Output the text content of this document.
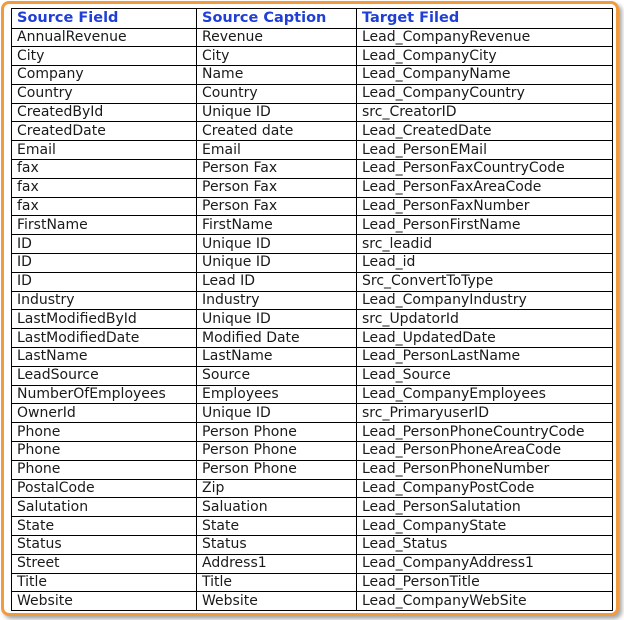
Source Field	Source Caption	Target Filed
AnnualRevenue	Revenue	Lead_CompanyRevenue
City	City	Lead_CompanyCity
Company	Name	Lead_CompanyName
Country	Country	Lead_CompanyCountry
CreatedById	Unique ID	src_CreatorID
CreatedDate	Created date	Lead_CreatedDate
Email	Email	Lead_PersonEMail
fax	Person Fax	Lead_PersonFaxCountryCode
fax	Person Fax	Lead_PersonFaxAreaCode
fax	Person Fax	Lead_PersonFaxNumber
FirstName	FirstName	Lead_PersonFirstName
ID	Unique ID	src_leadid
ID	Unique ID	Lead_id
ID	Lead ID	Src_ConvertToType
Industry	Industry	Lead_CompanyIndustry
LastModifiedById	Unique ID	src_UpdatorId
LastModifiedDate	Modified Date	Lead_UpdatedDate
LastName	LastName	Lead_PersonLastName
LeadSource	Source	Lead_Source
NumberOfEmployees	Employees	Lead_CompanyEmployees
OwnerId	Unique ID	src_PrimaryuserID
Phone	Person Phone	Lead_PersonPhoneCountryCode
Phone	Person Phone	Lead_PersonPhoneAreaCode
Phone	Person Phone	Lead_PersonPhoneNumber
PostalCode	Zip	Lead_CompanyPostCode
Salutation	Saluation	Lead_PersonSalutation
State	State	Lead_CompanyState
Status	Status	Lead_Status
Street	Address1	Lead_CompanyAddress1
Title	Title	Lead_PersonTitle
Website	Website	Lead_CompanyWebSite
